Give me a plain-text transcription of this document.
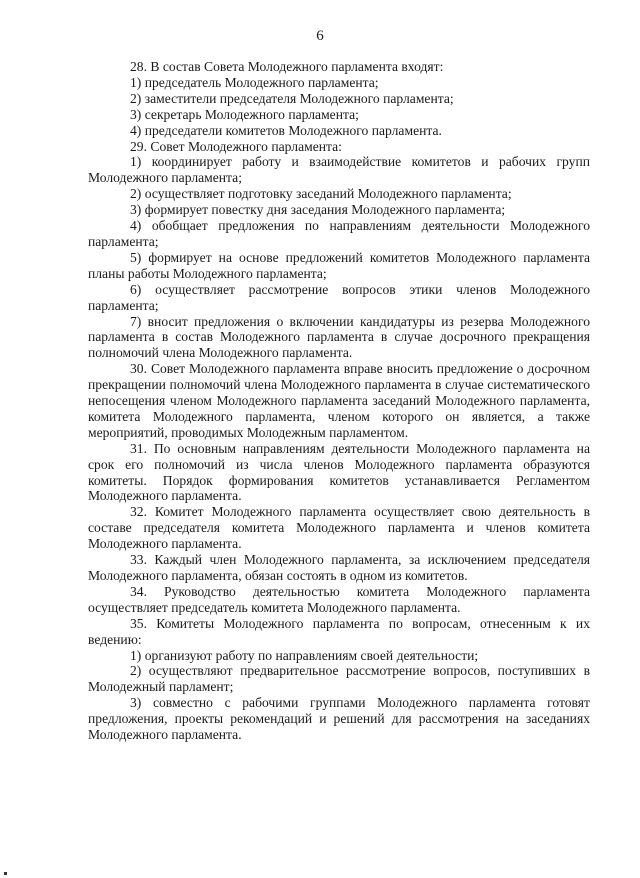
6

28. В состав Совета Молодежного парламента входят:

1) председатель Молодежного парламента;

2) заместители председателя Молодежного парламента;

3) секретарь Молодежного парламента;

4) председатели комитетов Молодежного парламента.

29. Совет Молодежного парламента:

1) координирует работу и взаимодействие комитетов и рабочих групп Молодежного парламента;

2) осуществляет подготовку заседаний Молодежного парламента;

3) формирует повестку дня заседания Молодежного парламента;

4) обобщает предложения по направлениям деятельности Молодежного парламента;

5) формирует на основе предложений комитетов Молодежного парламента планы работы Молодежного парламента;

6) осуществляет рассмотрение вопросов этики членов Молодежного парламента;

7) вносит предложения о включении кандидатуры из резерва Молодежного парламента в состав Молодежного парламента в случае досрочного прекращения полномочий члена Молодежного парламента.

30. Совет Молодежного парламента вправе вносить предложение о досрочном прекращении полномочий члена Молодежного парламента в случае систематического непосещения членом Молодежного парламента заседаний Молодежного парламента, комитета Молодежного парламента, членом которого он является, а также мероприятий, проводимых Молодежным парламентом.

31. По основным направлениям деятельности Молодежного парламента на срок его полномочий из числа членов Молодежного парламента образуются комитеты. Порядок формирования комитетов устанавливается Регламентом Молодежного парламента.

32. Комитет Молодежного парламента осуществляет свою деятельность в составе председателя комитета Молодежного парламента и членов комитета Молодежного парламента.

33. Каждый член Молодежного парламента, за исключением председателя Молодежного парламента, обязан состоять в одном из комитетов.

34. Руководство деятельностью комитета Молодежного парламента осуществляет председатель комитета Молодежного парламента.

35. Комитеты Молодежного парламента по вопросам, отнесенным к их ведению:

1) организуют работу по направлениям своей деятельности;

2) осуществляют предварительное рассмотрение вопросов, поступивших в Молодежный парламент;

3) совместно с рабочими группами Молодежного парламента готовят предложения, проекты рекомендаций и решений для рассмотрения на заседаниях Молодежного парламента.
